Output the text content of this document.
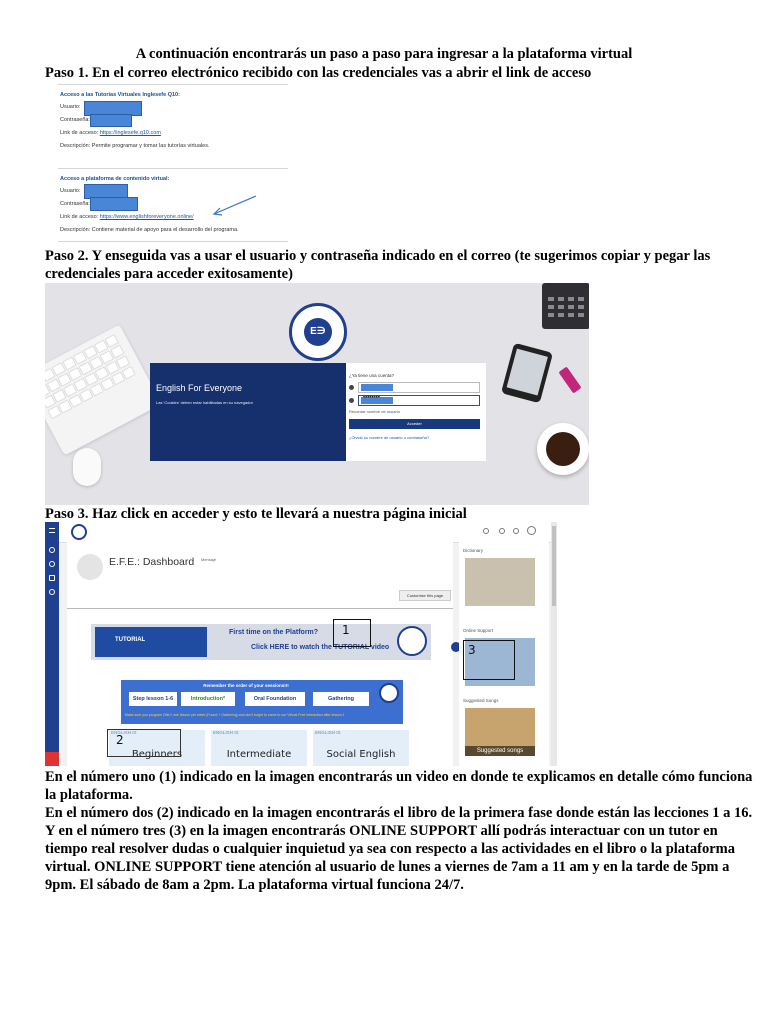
A continuación encontrarás un paso a paso para ingresar a la plataforma virtual
Paso 1. En el correo electrónico recibido con las credenciales vas a abrir el link de acceso
Acceso a las Tutorías Virtuales Inglesefe Q10:
Usuario:
Contraseña:
Link de acceso: https://inglesefe.q10.com
Descripción: Permite programar y tomar las tutorías virtuales.
Acceso a plataforma de contenido virtual:
Usuario:
Contraseña:
Link de acceso: https://www.englishforeveryone.online/
Descripción: Contiene material de apoyo para el desarrollo del programa.
Paso 2. Y enseguida vas a usar el usuario y contraseña indicado en el correo (te sugerimos copiar y pegar las
credenciales para acceder exitosamente)
E∋
English For Everyone
Las 'Cookies' deben estar habilitadas en su navegador
¿Ya tiene una cuenta?
••••••••
Recordar nombre de usuario
Acceder
¿Olvidó su nombre de usuario o contraseña?
Paso 3. Haz click en acceder y esto te llevará a nuestra página inicial
E.F.E.: Dashboard Mensaje
Customise this page
TUTORIAL
First time on the Platform?
Click HERE to watch the TUTORIAL video
Remember the order of your sessions!!!
Step lesson 1-6	Introduction*	Oral Foundation	Gathering
Make sure you program ONLY one lesson per week (Found + Gathering) and don't forget to come to our Virtual Free Interaction after lesson 1
ENGLISH IS
Beginners
ENGLISH IS
Intermediate
ENGLISH IS
Social English
1
2
Dictionary
Online Support
3
Suggested Songs
Suggested songs
En el número uno (1) indicado en la imagen encontrarás un video en donde te explicamos en detalle cómo funciona
la plataforma.
En el número dos (2) indicado en la imagen encontrarás el libro de la primera fase donde están las lecciones 1 a 16.
Y en el número tres (3) en la imagen encontrarás ONLINE SUPPORT allí podrás interactuar con un tutor en
tiempo real resolver dudas o cualquier inquietud ya sea con respecto a las actividades en el libro o la plataforma
virtual. ONLINE SUPPORT tiene atención al usuario de lunes a viernes de 7am a 11 am y en la tarde de 5pm a
9pm. El sábado de 8am a 2pm. La plataforma virtual funciona 24/7.
